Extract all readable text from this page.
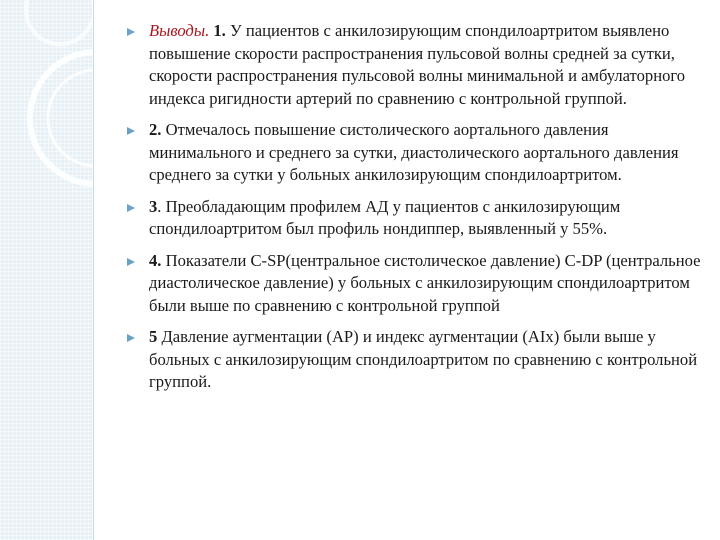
Выводы. 1. У пациентов с анкилозирующим спондилоартритом выявлено повышение скорости распространения пульсовой волны средней за сутки, скорости распространения пульсовой волны минимальной и амбулаторного индекса ригидности артерий по сравнению с контрольной группой.
2. Отмечалось повышение систолического аортального давления минимального и среднего за сутки, диастолического аортального давления среднего за сутки у больных анкилозирующим спондилоартритом.
3. Преобладающим профилем АД у пациентов с анкилозирующим спондилоартритом был профиль нондиппер, выявленный у 55%.
4. Показатели C-SP(центральное систолическое давление) C-DP (центральное диастолическое давление) у больных с анкилозирующим спондилоартритом были выше по сравнению с контрольной группой
5 Давление аугментации (AP) и индекс аугментации (AIx) были выше у больных с анкилозирующим спондилоартритом по сравнению с контрольной группой.
